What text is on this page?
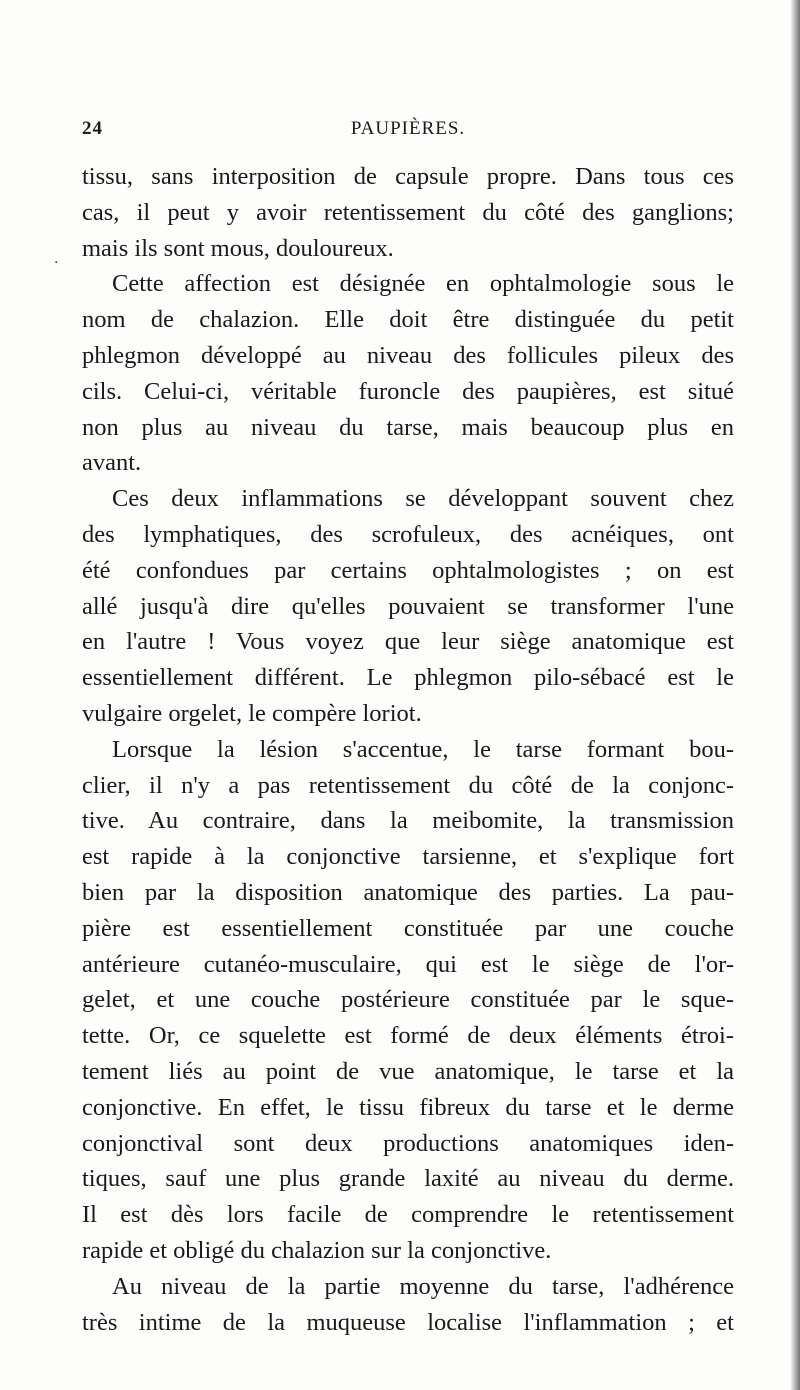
24	PAUPIÈRES.
.
tissu, sans interposition de capsule propre. Dans tous ces
cas, il peut y avoir retentissement du côté des ganglions;
mais ils sont mous, douloureux.
Cette affection est désignée en ophtalmologie sous le
nom de chalazion. Elle doit être distinguée du petit
phlegmon développé au niveau des follicules pileux des
cils. Celui-ci, véritable furoncle des paupières, est situé
non plus au niveau du tarse, mais beaucoup plus en
avant.
Ces deux inflammations se développant souvent chez
des lymphatiques, des scrofuleux, des acnéiques, ont
été confondues par certains ophtalmologistes ; on est
allé jusqu'à dire qu'elles pouvaient se transformer l'une
en l'autre ! Vous voyez que leur siège anatomique est
essentiellement différent. Le phlegmon pilo-sébacé est le
vulgaire orgelet, le compère loriot.
Lorsque la lésion s'accentue, le tarse formant bou-
clier, il n'y a pas retentissement du côté de la conjonc-
tive. Au contraire, dans la meibomite, la transmission
est rapide à la conjonctive tarsienne, et s'explique fort
bien par la disposition anatomique des parties. La pau-
pière est essentiellement constituée par une couche
antérieure cutanéo-musculaire, qui est le siège de l'or-
gelet, et une couche postérieure constituée par le sque-
tette. Or, ce squelette est formé de deux éléments étroi-
tement liés au point de vue anatomique, le tarse et la
conjonctive. En effet, le tissu fibreux du tarse et le derme
conjonctival sont deux productions anatomiques iden-
tiques, sauf une plus grande laxité au niveau du derme.
Il est dès lors facile de comprendre le retentissement
rapide et obligé du chalazion sur la conjonctive.
Au niveau de la partie moyenne du tarse, l'adhérence
très intime de la muqueuse localise l'inflammation ; et
